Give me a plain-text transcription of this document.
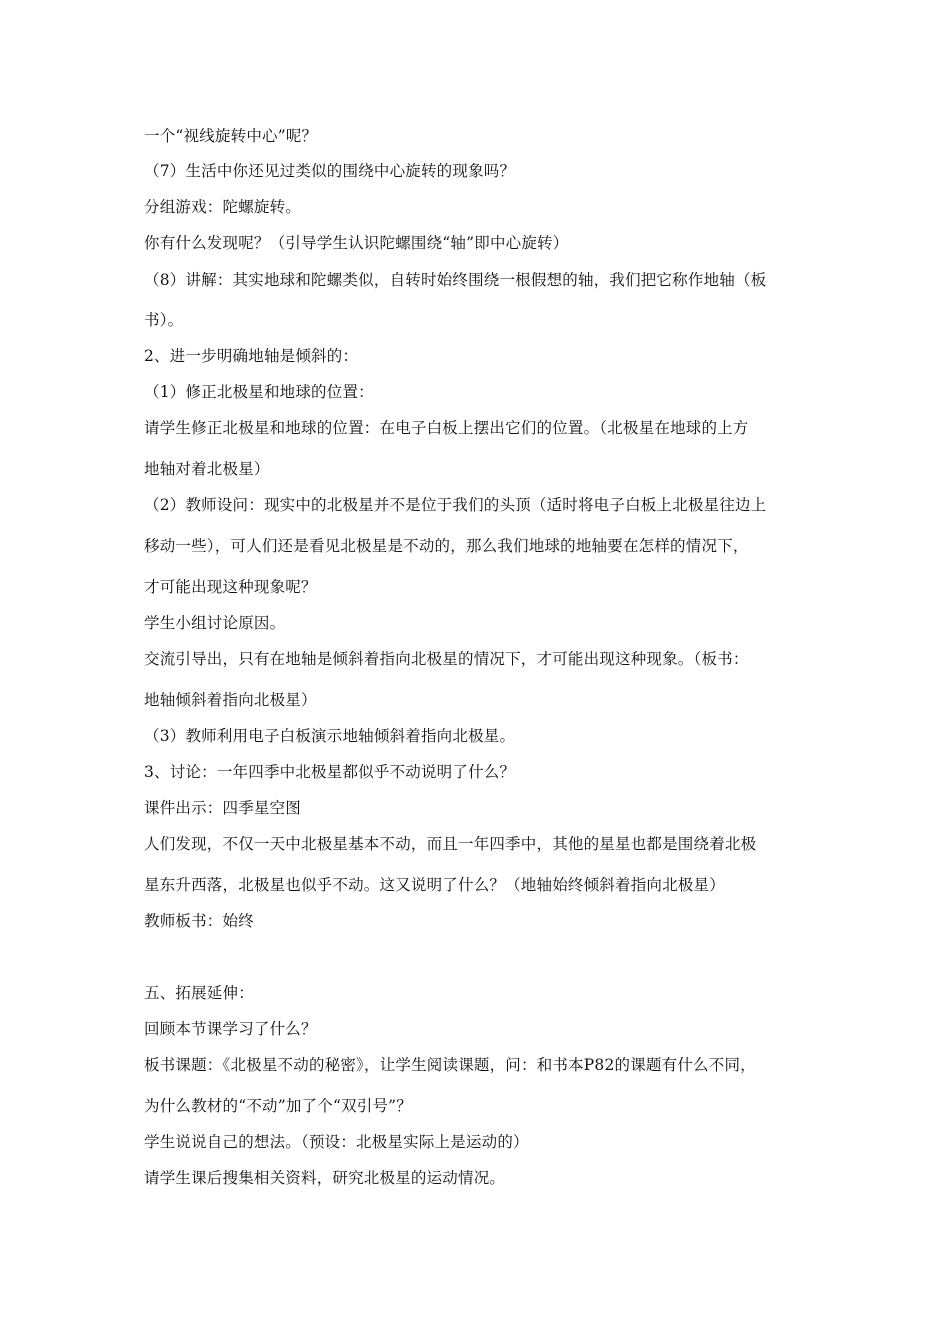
一个“视线旋转中心”呢？
（7）生活中你还见过类似的围绕中心旋转的现象吗？
分组游戏：陀螺旋转。
你有什么发现呢？（引导学生认识陀螺围绕“轴”即中心旋转）
（8）讲解：其实地球和陀螺类似，自转时始终围绕一根假想的轴，我们把它称作地轴（板
书）。
2、进一步明确地轴是倾斜的：
（1）修正北极星和地球的位置：
请学生修正北极星和地球的位置：在电子白板上摆出它们的位置。（北极星在地球的上方
地轴对着北极星）
（2）教师设问：现实中的北极星并不是位于我们的头顶（适时将电子白板上北极星往边上
移动一些），可人们还是看见北极星是不动的，那么我们地球的地轴要在怎样的情况下，
才可能出现这种现象呢？
学生小组讨论原因。
交流引导出，只有在地轴是倾斜着指向北极星的情况下，才可能出现这种现象。（板书：
地轴倾斜着指向北极星）
（3）教师利用电子白板演示地轴倾斜着指向北极星。
3、讨论：一年四季中北极星都似乎不动说明了什么？
课件出示：四季星空图
人们发现，不仅一天中北极星基本不动，而且一年四季中，其他的星星也都是围绕着北极
星东升西落，北极星也似乎不动。这又说明了什么？（地轴始终倾斜着指向北极星）
教师板书：始终
五、拓展延伸：
回顾本节课学习了什么？
板书课题：《北极星不动的秘密》，让学生阅读课题，问：和书本P82的课题有什么不同，
为什么教材的“不动”加了个“双引号”？
学生说说自己的想法。（预设：北极星实际上是运动的）
请学生课后搜集相关资料，研究北极星的运动情况。
